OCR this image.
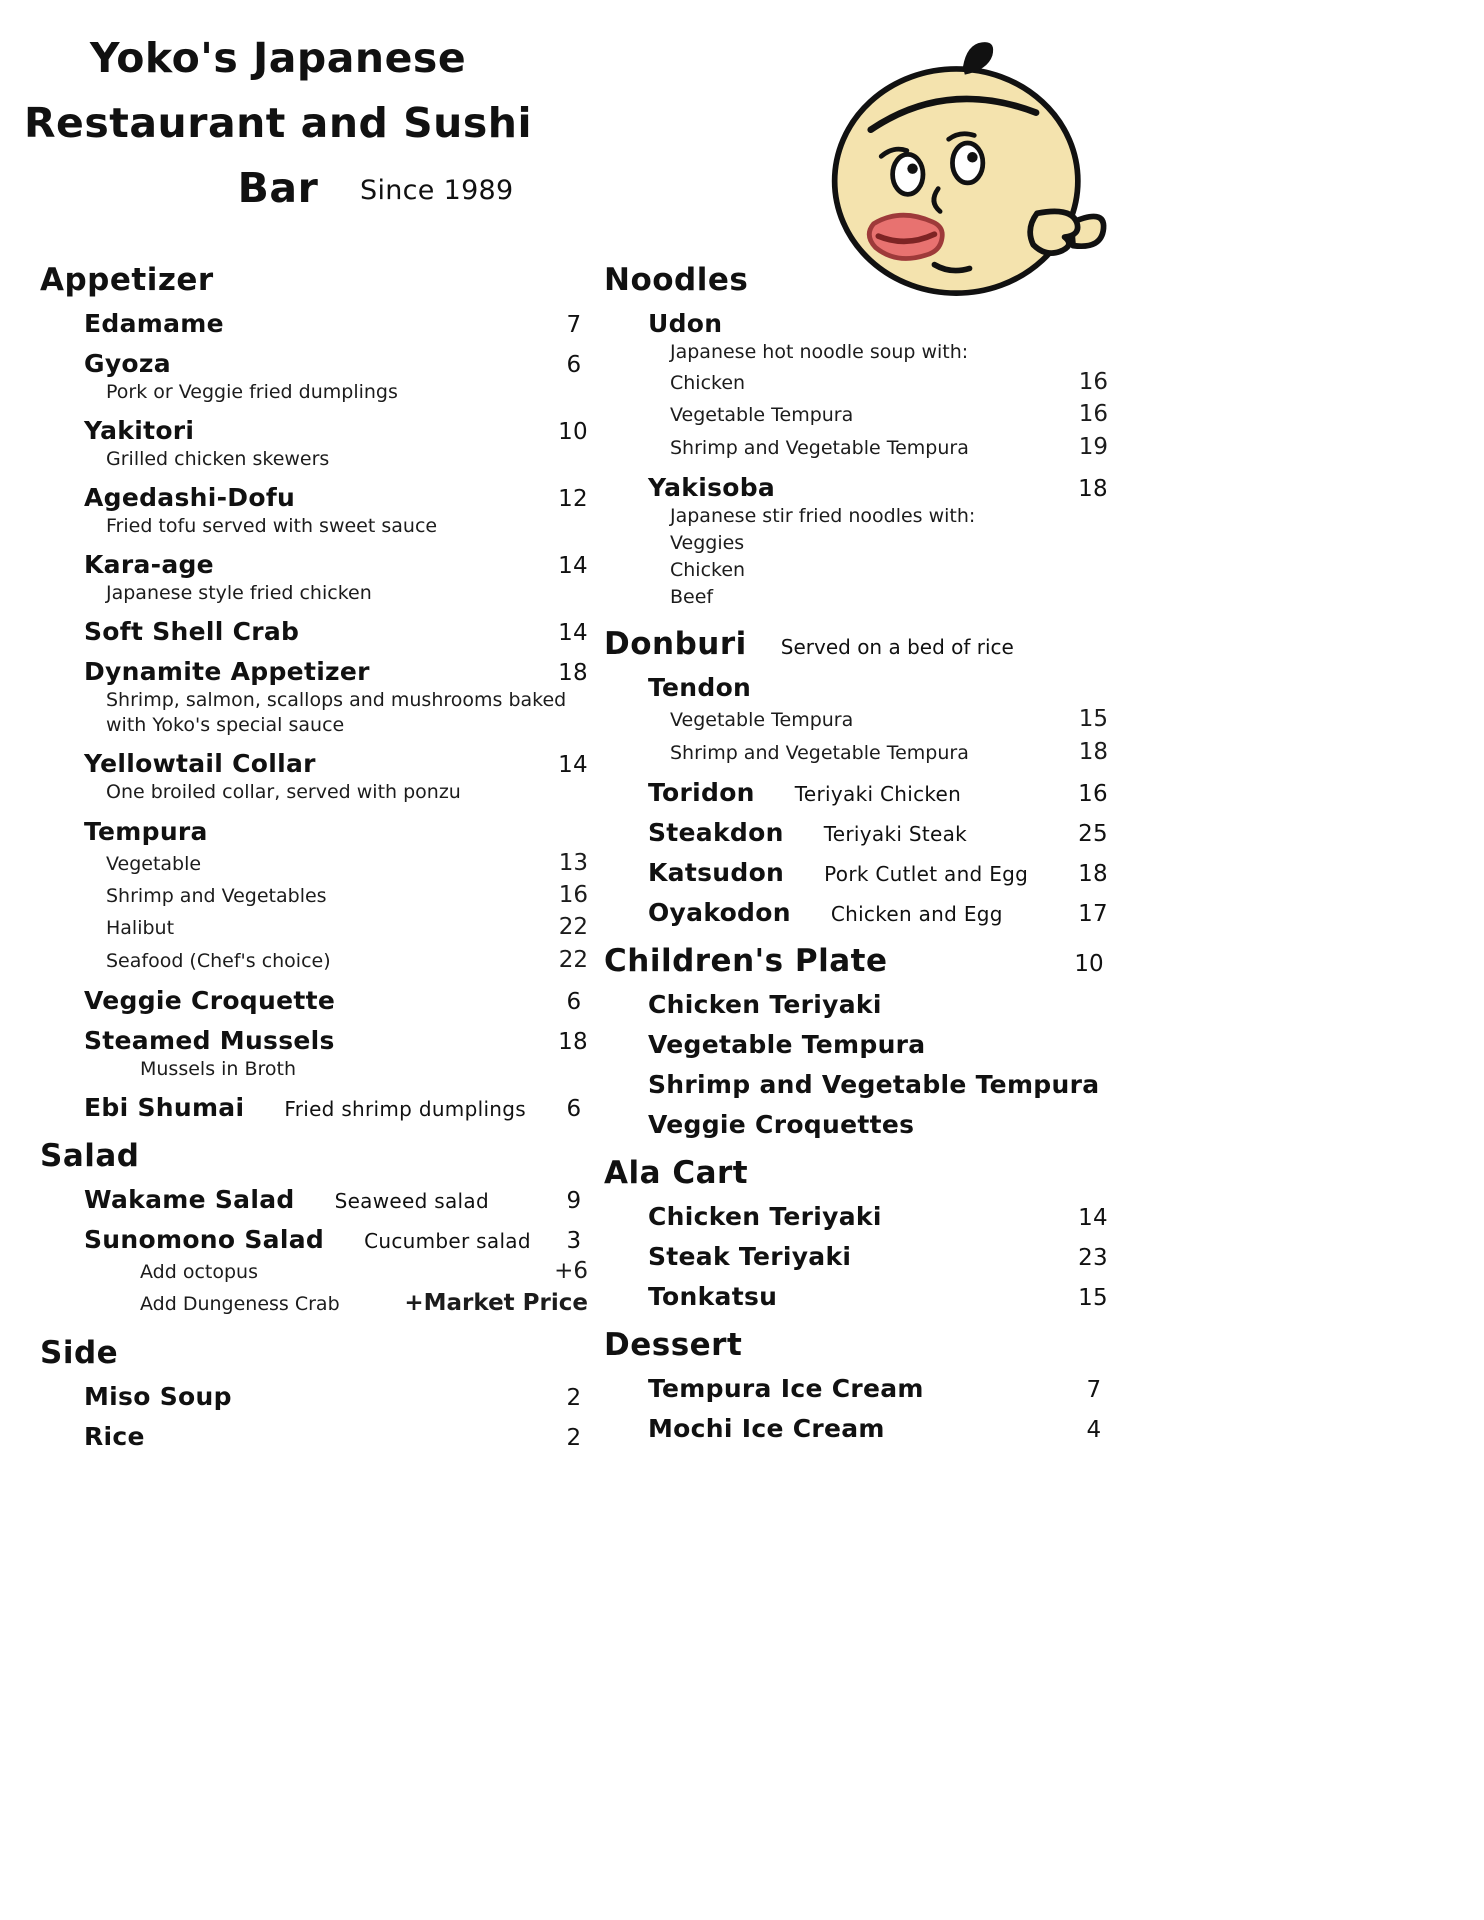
Yoko's Japanese
Restaurant and Sushi
Bar Since 1989
Appetizer
Edamame	7
Gyoza	6
Pork or Veggie fried dumplings
Yakitori	10
Grilled chicken skewers
Agedashi-Dofu	12
Fried tofu served with sweet sauce
Kara-age	14
Japanese style fried chicken
Soft Shell Crab	14
Dynamite Appetizer	18
Shrimp, salmon, scallops and mushrooms baked with Yoko's special sauce
Yellowtail Collar	14
One broiled collar, served with ponzu
Tempura
Vegetable	13
Shrimp and Vegetables	16
Halibut	22
Seafood (Chef's choice)	22
Veggie Croquette	6
Steamed Mussels	18
Mussels in Broth
Ebi Shumai Fried shrimp dumplings	6
Salad
Wakame Salad Seaweed salad	9
Sunomono Salad Cucumber salad	3
Add octopus	+6
Add Dungeness Crab	+Market Price
Side
Miso Soup	2
Rice	2
Noodles
Udon
Japanese hot noodle soup with:
Chicken	16
Vegetable Tempura	16
Shrimp and Vegetable Tempura	19
Yakisoba	18
Japanese stir fried noodles with:
Veggies
Chicken
Beef
Donburi Served on a bed of rice
Tendon
Vegetable Tempura	15
Shrimp and Vegetable Tempura	18
Toridon Teriyaki Chicken	16
Steakdon Teriyaki Steak	25
Katsudon Pork Cutlet and Egg	18
Oyakodon Chicken and Egg	17
Children's Plate	10
Chicken Teriyaki
Vegetable Tempura
Shrimp and Vegetable Tempura
Veggie Croquettes
Ala Cart
Chicken Teriyaki	14
Steak Teriyaki	23
Tonkatsu	15
Dessert
Tempura Ice Cream	7
Mochi Ice Cream	4
